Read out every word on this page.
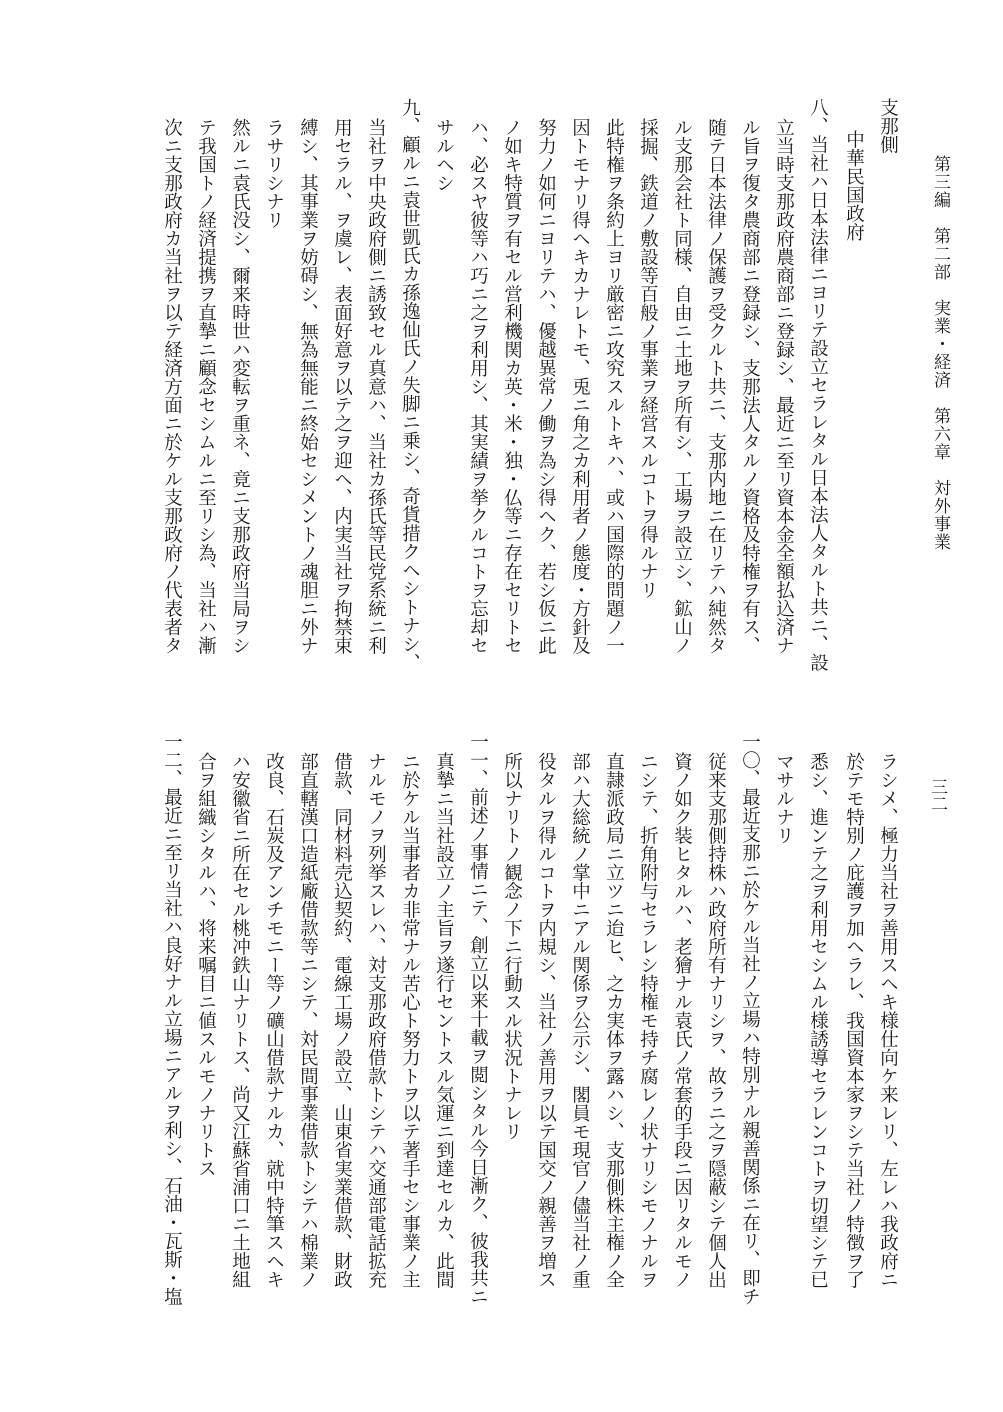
第三編　第二部　実業・経済　第六章　対外事業
三二
支那側
中華民国政府
八、当社ハ日本法律ニヨリテ設立セラレタル日本法人タルト共ニ、設
立当時支那政府農商部ニ登録シ、最近ニ至リ資本金全額払込済ナ
ル旨ヲ復タ農商部ニ登録シ、支那法人タルノ資格及特権ヲ有ス、
随テ日本法律ノ保護ヲ受クルト共ニ、支那内地ニ在リテハ純然タ
ル支那会社ト同様、自由ニ土地ヲ所有シ、工場ヲ設立シ、鉱山ノ
採掘、鉄道ノ敷設等百般ノ事業ヲ経営スルコトヲ得ルナリ
此特権ヲ条約上ヨリ厳密ニ攻究スルトキハ、或ハ国際的問題ノ一
因トモナリ得ヘキカナレトモ、兎ニ角之カ利用者ノ態度・方針及
努力ノ如何ニヨリテハ、優越異常ノ働ヲ為シ得ヘク、若シ仮ニ此
ノ如キ特質ヲ有セル営利機関カ英・米・独・仏等ニ存在セリトセ
ハ、必スヤ彼等ハ巧ニ之ヲ利用シ、其実績ヲ挙クルコトヲ忘却セ
サルヘシ
九、顧ルニ袁世凱氏カ孫逸仙氏ノ失脚ニ乗シ、奇貨措クヘシトナシ、
当社ヲ中央政府側ニ誘致セル真意ハ、当社カ孫氏等民党系統ニ利
用セラル、ヲ虞レ、表面好意ヲ以テ之ヲ迎ヘ、内実当社ヲ拘禁束
縛シ、其事業ヲ妨碍シ、無為無能ニ終始セシメントノ魂胆ニ外ナ
ラサリシナリ
然ルニ袁氏没シ、爾来時世ハ変転ヲ重ネ、竟ニ支那政府当局ヲシ
テ我国トノ経済提携ヲ直摯ニ顧念セシムルニ至リシ為、当社ハ漸
次ニ支那政府カ当社ヲ以テ経済方面ニ於ケル支那政府ノ代表者タ
ラシメ、極力当社ヲ善用スヘキ様仕向ケ来レリ、左レハ我政府ニ
於テモ特別ノ庇護ヲ加ヘラレ、我国資本家ヲシテ当社ノ特徴ヲ了
悉シ、進ンテ之ヲ利用セシムル様誘導セラレンコトヲ切望シテ已
マサルナリ
一〇、最近支那ニ於ケル当社ノ立場ハ特別ナル親善関係ニ在リ、即チ
従来支那側持株ハ政府所有ナリシヲ、故ラニ之ヲ隠蔽シテ個人出
資ノ如ク装ヒタルハ、老獪ナル袁氏ノ常套的手段ニ因リタルモノ
ニシテ、折角附与セラレシ特権モ持チ腐レノ状ナリシモノナルヲ
直隷派政局ニ立ツニ迨ヒ、之カ実体ヲ露ハシ、支那側株主権ノ全
部ハ大総統ノ掌中ニアル関係ヲ公示シ、閣員モ現官ノ儘当社ノ重
役タルヲ得ルコトヲ内規シ、当社ノ善用ヲ以テ国交ノ親善ヲ増ス
所以ナリトノ観念ノ下ニ行動スル状況トナレリ
一一、前述ノ事情ニテ、創立以来十載ヲ閲シタル今日漸ク、彼我共ニ
真摯ニ当社設立ノ主旨ヲ遂行セントスル気運ニ到達セルカ、此間
ニ於ケル当事者カ非常ナル苦心ト努力トヲ以テ著手セシ事業ノ主
ナルモノヲ列挙スレハ、対支那政府借款トシテハ交通部電話拡充
借款、同材料売込契約、電線工場ノ設立、山東省実業借款、財政
部直轄漢口造紙廠借款等ニシテ、対民間事業借款トシテハ棉業ノ
改良、石炭及アンチモニー等ノ礦山借款ナルカ、就中特筆スヘキ
ハ安徽省ニ所在セル桃冲鉄山ナリトス、尚又江蘇省浦口ニ土地組
合ヲ組織シタルハ、将来嘱目ニ値スルモノナリトス
一二、最近ニ至リ当社ハ良好ナル立場ニアルヲ利シ、石油・瓦斯・塩
